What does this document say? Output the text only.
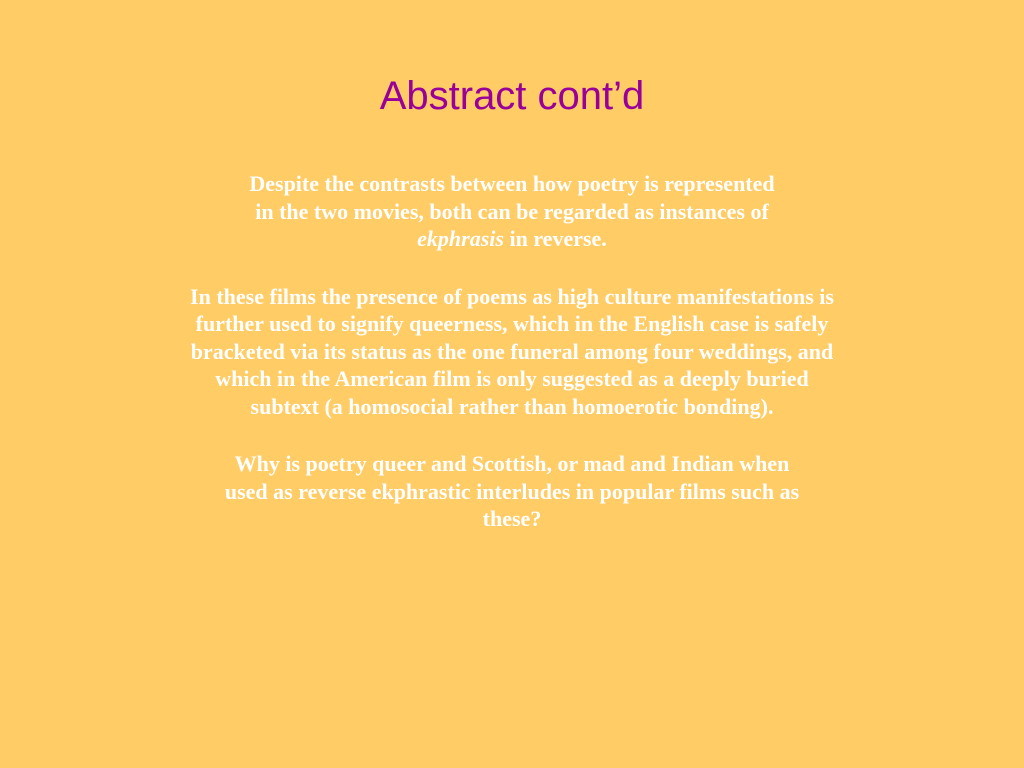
Abstract cont’d

Despite the contrasts between how poetry is represented in the two movies, both can be regarded as instances of ekphrasis in reverse.

In these films the presence of poems as high culture manifestations is further used to signify queerness, which in the English case is safely bracketed via its status as the one funeral among four weddings, and which in the American film is only suggested as a deeply buried subtext (a homosocial rather than homoerotic bonding).

Why is poetry queer and Scottish, or mad and Indian when used as reverse ekphrastic interludes in popular films such as these?
